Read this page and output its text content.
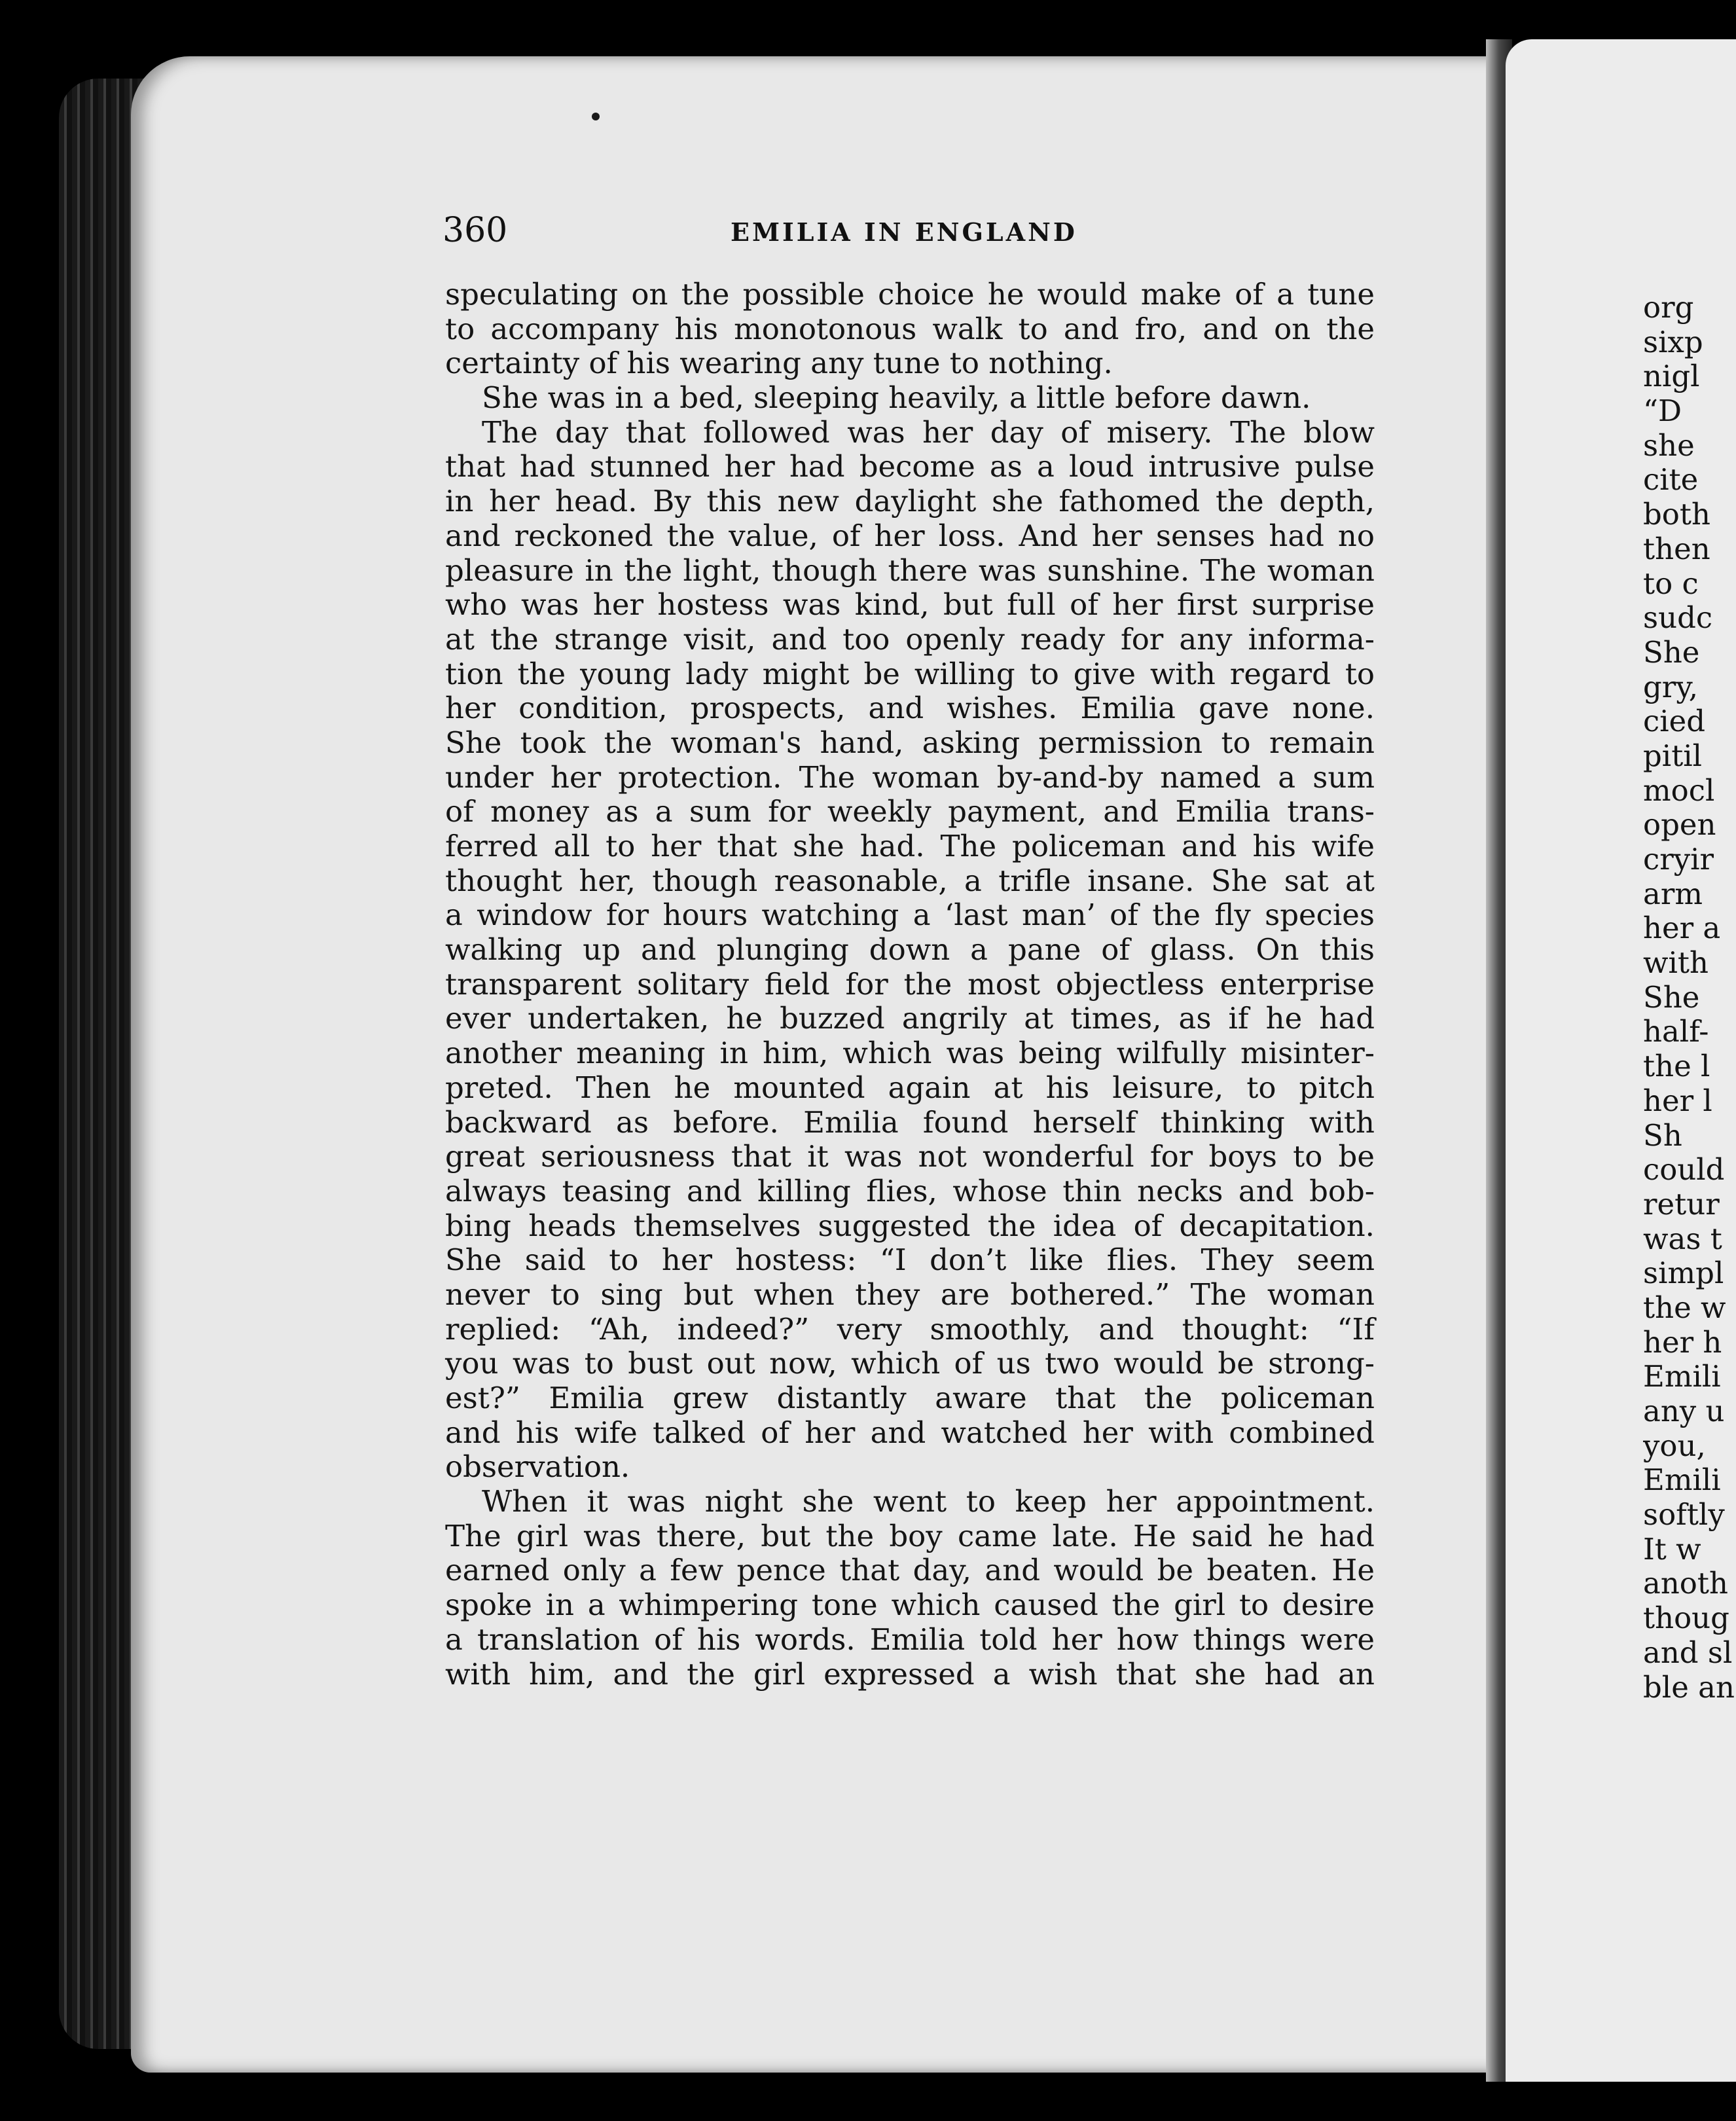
360	EMILIA IN ENGLAND
speculating on the possible choice he would make of a tune
to accompany his monotonous walk to and fro, and on the
certainty of his wearing any tune to nothing.
She was in a bed, sleeping heavily, a little before dawn.
The day that followed was her day of misery. The blow
that had stunned her had become as a loud intrusive pulse
in her head. By this new daylight she fathomed the depth,
and reckoned the value, of her loss. And her senses had no
pleasure in the light, though there was sunshine. The woman
who was her hostess was kind, but full of her first surprise
at the strange visit, and too openly ready for any informa-
tion the young lady might be willing to give with regard to
her condition, prospects, and wishes. Emilia gave none.
She took the woman's hand, asking permission to remain
under her protection. The woman by-and-by named a sum
of money as a sum for weekly payment, and Emilia trans-
ferred all to her that she had. The policeman and his wife
thought her, though reasonable, a trifle insane. She sat at
a window for hours watching a ‘last man’ of the fly species
walking up and plunging down a pane of glass. On this
transparent solitary field for the most objectless enterprise
ever undertaken, he buzzed angrily at times, as if he had
another meaning in him, which was being wilfully misinter-
preted. Then he mounted again at his leisure, to pitch
backward as before. Emilia found herself thinking with
great seriousness that it was not wonderful for boys to be
always teasing and killing flies, whose thin necks and bob-
bing heads themselves suggested the idea of decapitation.
She said to her hostess: “I don’t like flies. They seem
never to sing but when they are bothered.” The woman
replied: “Ah, indeed?” very smoothly, and thought: “If
you was to bust out now, which of us two would be strong-
est?” Emilia grew distantly aware that the policeman
and his wife talked of her and watched her with combined
observation.
When it was night she went to keep her appointment.
The girl was there, but the boy came late. He said he had
earned only a few pence that day, and would be beaten. He
spoke in a whimpering tone which caused the girl to desire
a translation of his words. Emilia told her how things were
with him, and the girl expressed a wish that she had an
org
sixp
nigl
“D
she
cite
both
then
to c
sudc
She
gry,
cied
pitil
mocl
open
cryir
arm
her a
with
She
half-
the l
her l
Sh
could
retur
was t
simpl
the w
her h
Emili
any u
you,
Emili
softly
It w
anoth
thoug
and sl
ble an
